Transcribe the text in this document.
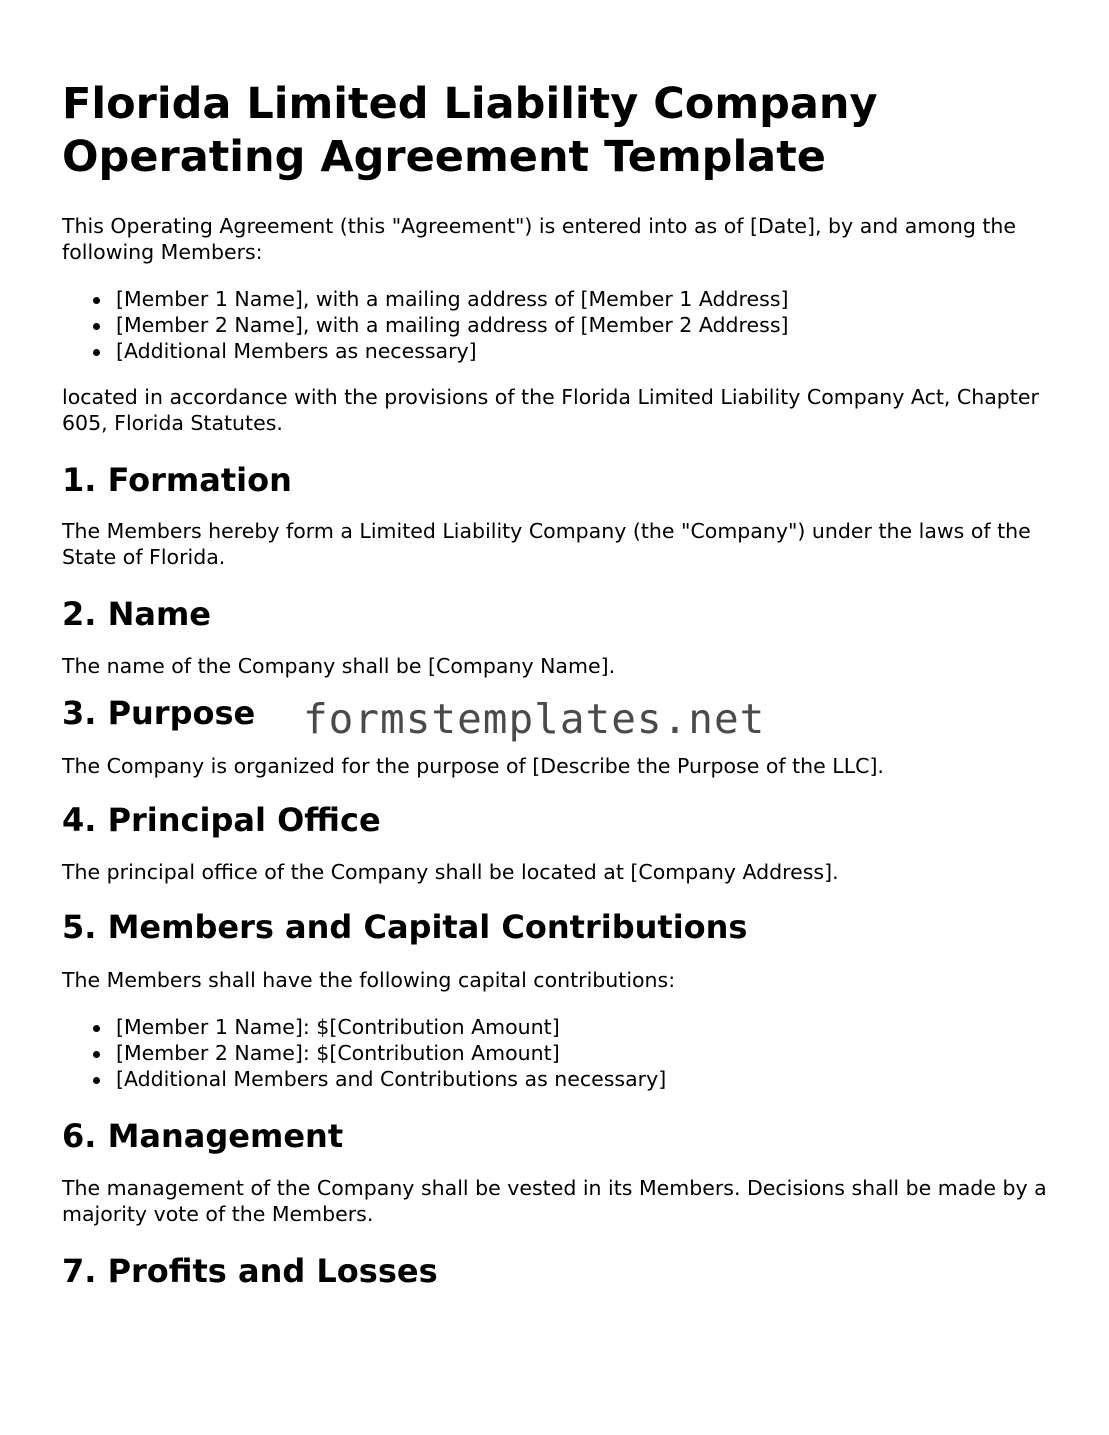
Florida Limited Liability Company
Operating Agreement Template

This Operating Agreement (this "Agreement") is entered into as of [Date], by and among the following Members:

[Member 1 Name], with a mailing address of [Member 1 Address]
[Member 2 Name], with a mailing address of [Member 2 Address]
[Additional Members as necessary]

located in accordance with the provisions of the Florida Limited Liability Company Act, Chapter 605, Florida Statutes.

1. Formation

The Members hereby form a Limited Liability Company (the "Company") under the laws of the State of Florida.

2. Name

The name of the Company shall be [Company Name].

3. Purpose

The Company is organized for the purpose of [Describe the Purpose of the LLC].

4. Principal Office

The principal office of the Company shall be located at [Company Address].

5. Members and Capital Contributions

The Members shall have the following capital contributions:

[Member 1 Name]: $[Contribution Amount]
[Member 2 Name]: $[Contribution Amount]
[Additional Members and Contributions as necessary]
6. Management

The management of the Company shall be vested in its Members. Decisions shall be made by a majority vote of the Members.

7. Profits and Losses
formstemplates.net
